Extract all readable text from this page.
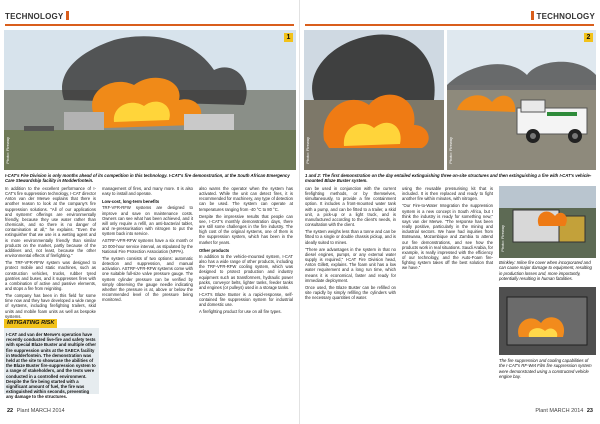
TECHNOLOGY
1
Photo: Fireway
I-CAT's Fire Division is only months ahead of its competition in this technology. I-CAT's fire demonstration, at the South African Emergency Care Stewardship facility in Modderfontein.

In addition to the excellent performance of I-CAT's fire suppression technology, I-CAT director Anton van der Merwe explains that there is another reason to look at the company's fire suppression solutions. "All of our applications and systems' offerings are environmentally friendly, because they use water rather than chemicals, and so there is no danger of contamination at all," he explains. "Even the extinguisher that we use is a wetting agent and is more environmentally friendly than similar products on the market, partly because of the additives and, not least, because the other environmental effects of firefighting."

The TRF-VFR-RFW system was designed to protect mobile and static machines, such as construction vehicles, trucks, rubber tyred gantries and buses, and it suppresses fires with a combination of active and passive elements, and stops a fire from reigniting.

The company has been in this field for some time now and they have developed a wide range of systems, including firefighting trailers, skid units and mobile foam units as well as bespoke systems.

management of fires, and many more. It is also easy to install and operate.

Low-cost, long-term benefits

TRF-VFR-RFW systems are designed to improve and save on maintenance costs. Owners can see what has been achieved, and it will only require a refill, an anti-bacterial tablet, and re-pressurisation with nitrogen to put the system back into service.

ASTRF-VFR-RFW systems have a six month or 10 000-hour service interval, as stipulated by the National Fire Protection Association (NFPA).

The system consists of two options: automatic detection and suppression, and manual activation. ASTRF-VFR-RFW systems come with one suitable full-size valve pressure gauge. The system cylinder pressure can be verified by simply observing the gauge needle indicating whether the pressure is at, above or below the recommended level of the pressure being monitored.

also warns the operator when the system has activated. While the unit can detect fires, it is recommended for machinery, any type of detection can be used. The system can operate at temperatures ranging from -40 °C to 80 °C.

Despite the impressive results that people can see, I-CAT's monthly demonstration days, there are still some challenges in the fire industry. The high cost of the original systems, one of them is the suppression system, which has been in the market for years.

Other products

In addition to the vehicle-mounted system, I-CAT also has a wide range of other products, including the TRF-VFR-RFW cooling system, which was designed to protect production and industry equipment such as transformers, hydraulic power packs, conveyor belts, lighter tanks, feeder tanks and engines (or pulleys) used in a storage tanks.

I-CAT's Blaze Buster is a rapid-response, self-contained fire suppression system for industrial and domestic use.

A firefighting product for use on all fire types.

MITIGATING RISK
I-CAT and van der Merwe's operation have recently conducted live-fire and safety tests with special Blaze Buster and multiple other fire suppression units at the SAECA facility in Modderfontein. The demonstration was held at the site to showcase the abilities of the Blaze Buster fire-suppression system to a range of stakeholders, and the tests were conducted in a controlled environment. Despite the fire being started with a significant amount of fuel, the fire was extinguished within seconds, preventing any damage to the structures.
22 Plant MARCH 2014
TECHNOLOGY
Photo: Fireway
2
Photo: Fireway
1 and 2: The first demonstration on the day entailed extinguishing three on-site structures and then extinguishing a fire with I-CAT's vehicle-mounted Blaze Buster system.

can be used in conjunction with the current firefighting methods, or by themselves, simultaneously, to provide a fire containment option. It includes a front-mounted water tank with a pump, and can be fitted to a trailer, a skid unit, a pick-up or a light truck, and is manufactured according to the client's needs, in consultation with the client.

The system weighs less than a tonne and can be fitted to a single or double chassis pickup, and is ideally suited to mines.

"There are advantages in the system in that no diesel engines, pumps, or any external water supply is required," I-CAT Fire Division head, Anton Gillett, explains. The foam unit has a low water requirement and a long run time, which means it is economical, faster and ready for immediate deployment.

Once used, the Blaze Buster can be refilled on site rapidly by simply refilling the cylinders with the necessary quantities of water.

using the reusable pressurising kit that is included. It is then replaced and ready to fight another fire within minutes, with nitrogen.

"Our Fire-to-Water Integration the suppression system is a new concept in South Africa, but I think the industry is ready for something new," says van der Merwe. "The response has been really positive, particularly in the mining and industrial sectors. We have had inquiries from Botswana, Mozambique and Zambia to attend our fire demonstrations, and see how the products work in real situations. Saudi Arabia, for example, is really impressed with the efficiency of our technology, and the Auto-Foam fire-fighting system takes off the best solution that we have."

Photo: Fireway
Brinkley: Inline fire cover when incorporated and can cause major damage to equipment, resulting in production losses and, more importantly, potentially resulting in human fatalities.
The fire suppression and cooling capabilities of the I-CAT's RF-Wet Film fire suppression system were demonstrated using a constructed vehicle engine bay.
Plant MARCH 2014 23
